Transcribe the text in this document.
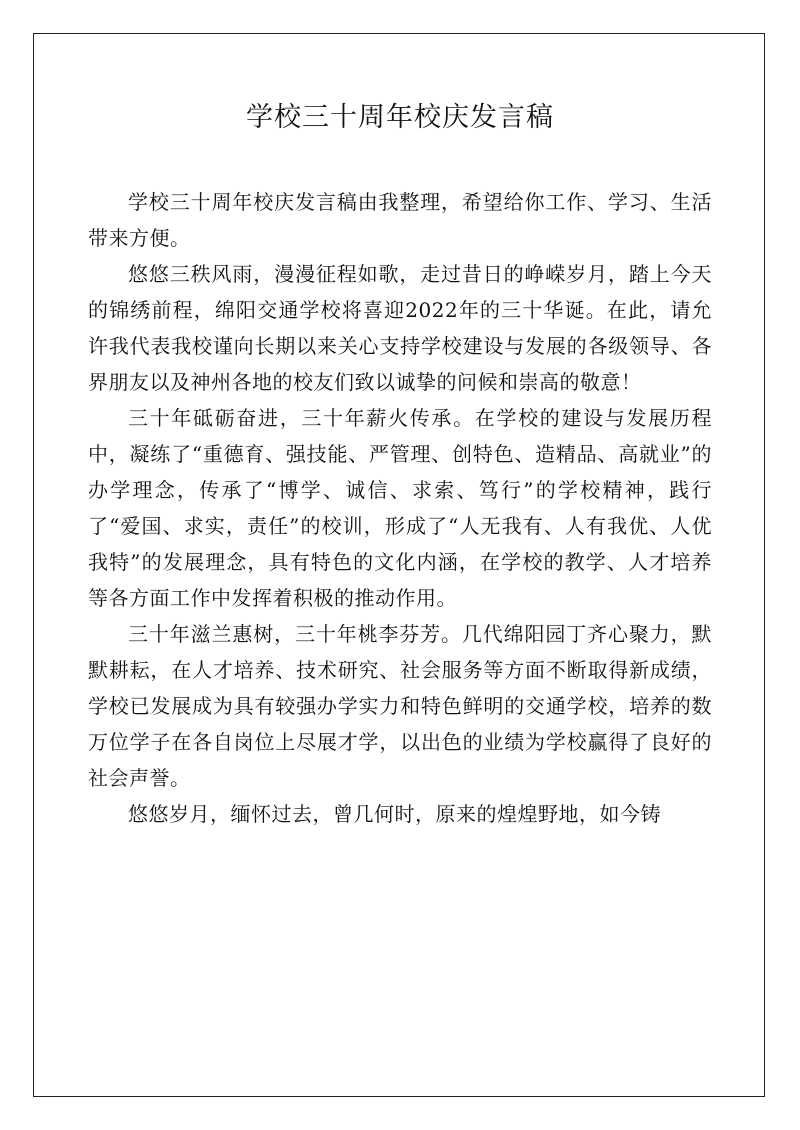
学校三十周年校庆发言稿

学校三十周年校庆发言稿由我整理，希望给你工作、学习、生活带来方便。

悠悠三秩风雨，漫漫征程如歌，走过昔日的峥嵘岁月，踏上今天的锦绣前程，绵阳交通学校将喜迎2022年的三十华诞。在此，请允许我代表我校谨向长期以来关心支持学校建设与发展的各级领导、各界朋友以及神州各地的校友们致以诚挚的问候和崇高的敬意！

三十年砥砺奋进，三十年薪火传承。在学校的建设与发展历程中，凝练了“重德育、强技能、严管理、创特色、造精品、高就业”的办学理念，传承了“博学、诚信、求索、笃行”的学校精神，践行了“爱国、求实，责任”的校训，形成了“人无我有、人有我优、人优我特”的发展理念，具有特色的文化内涵，在学校的教学、人才培养等各方面工作中发挥着积极的推动作用。

三十年滋兰惠树，三十年桃李芬芳。几代绵阳园丁齐心聚力，默默耕耘，在人才培养、技术研究、社会服务等方面不断取得新成绩，学校已发展成为具有较强办学实力和特色鲜明的交通学校，培养的数万位学子在各自岗位上尽展才学，以出色的业绩为学校赢得了良好的社会声誉。

悠悠岁月，缅怀过去，曾几何时，原来的煌煌野地，如今铸
